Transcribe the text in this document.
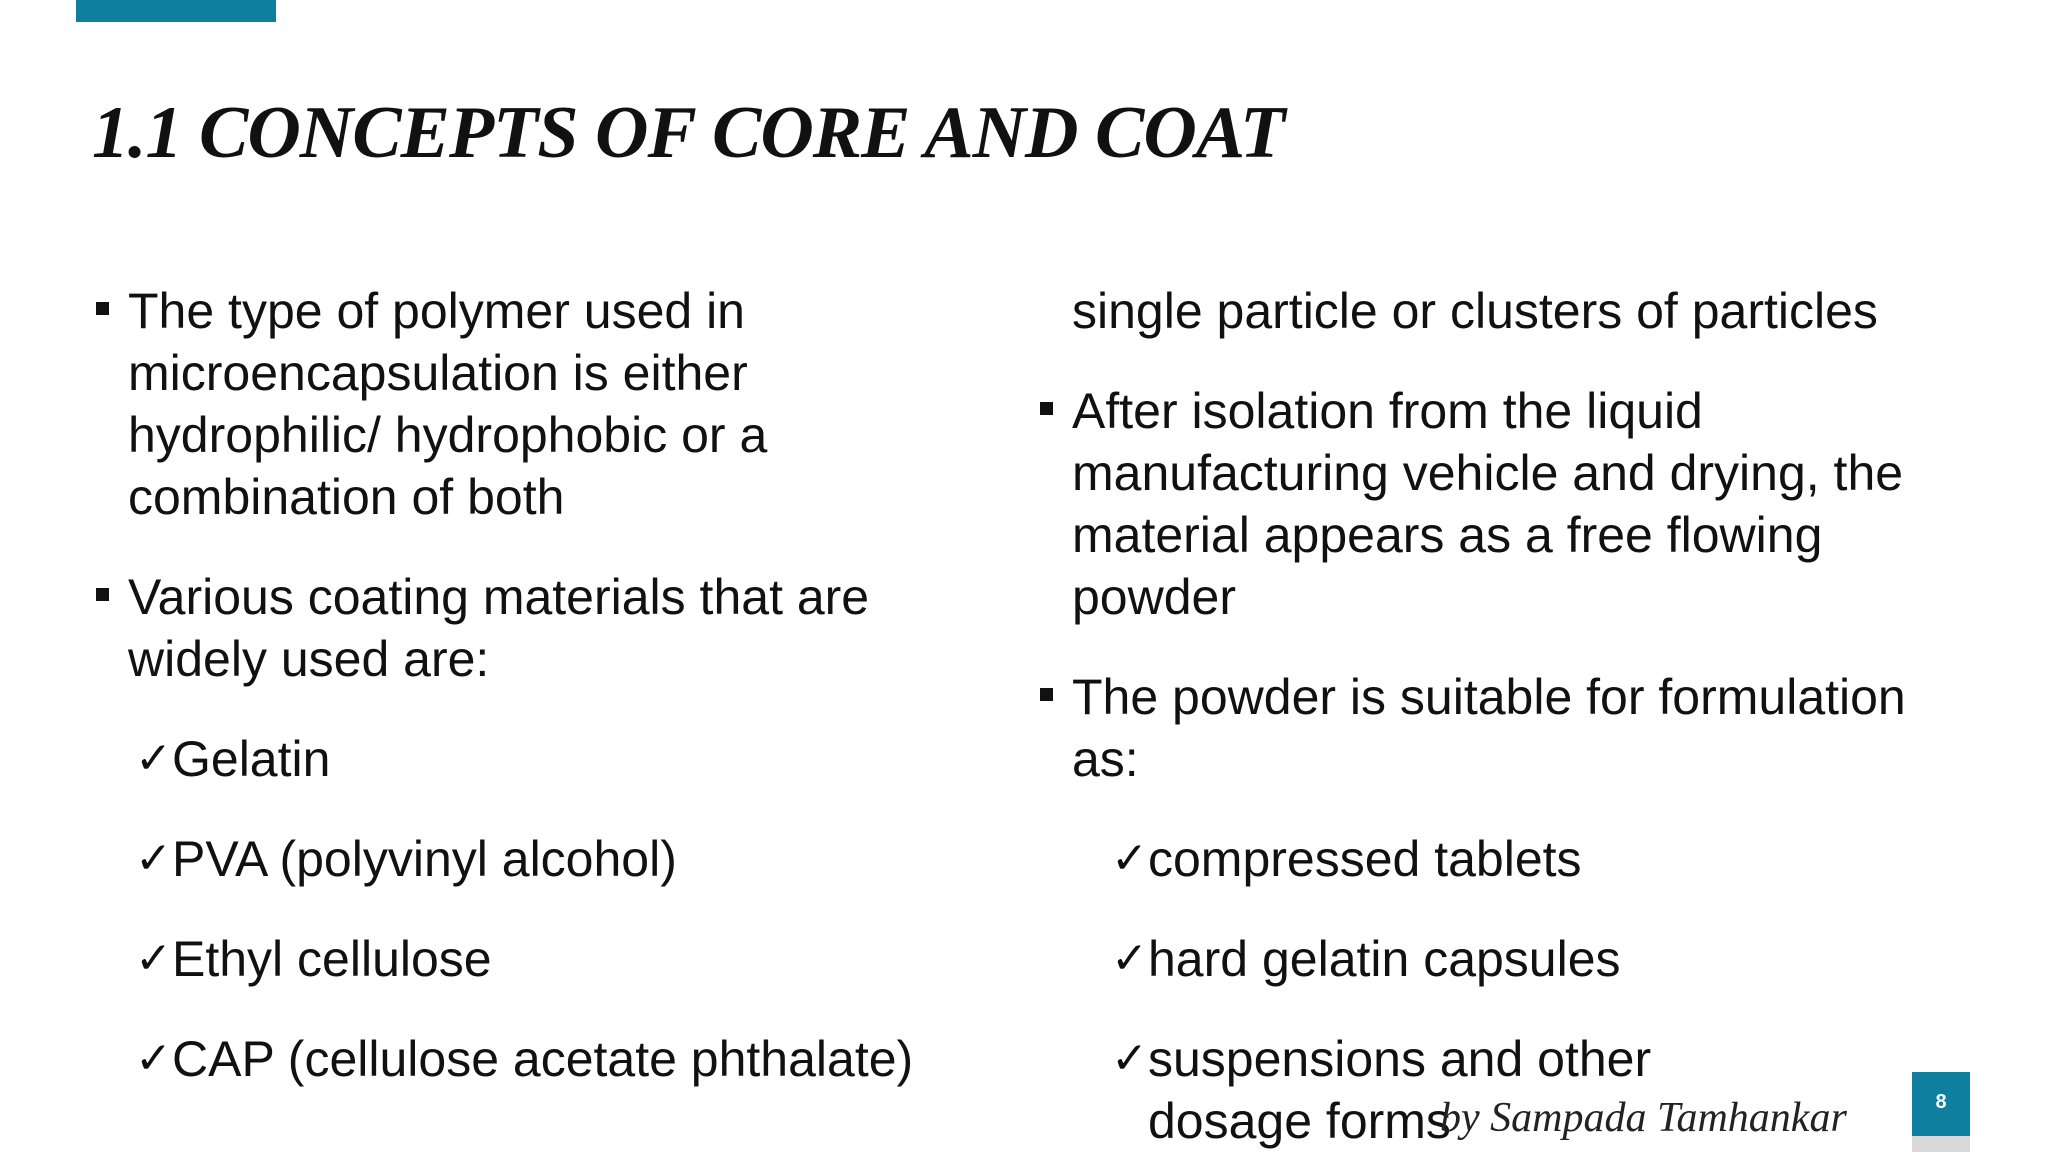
1.1 CONCEPTS OF CORE AND COAT
The type of polymer used in microencapsulation is either hydrophilic/ hydrophobic or a combination of both
Various coating materials that are widely used are:
✓ Gelatin
✓ PVA (polyvinyl alcohol)
✓ Ethyl cellulose
✓ CAP (cellulose acetate phthalate)
single particle or clusters of particles
After isolation from the liquid manufacturing vehicle and drying, the material appears as a free flowing powder
The powder is suitable for formulation as:
✓ compressed tablets
✓ hard gelatin capsules
✓ suspensions and other dosage forms
by Sampada Tamhankar	8
